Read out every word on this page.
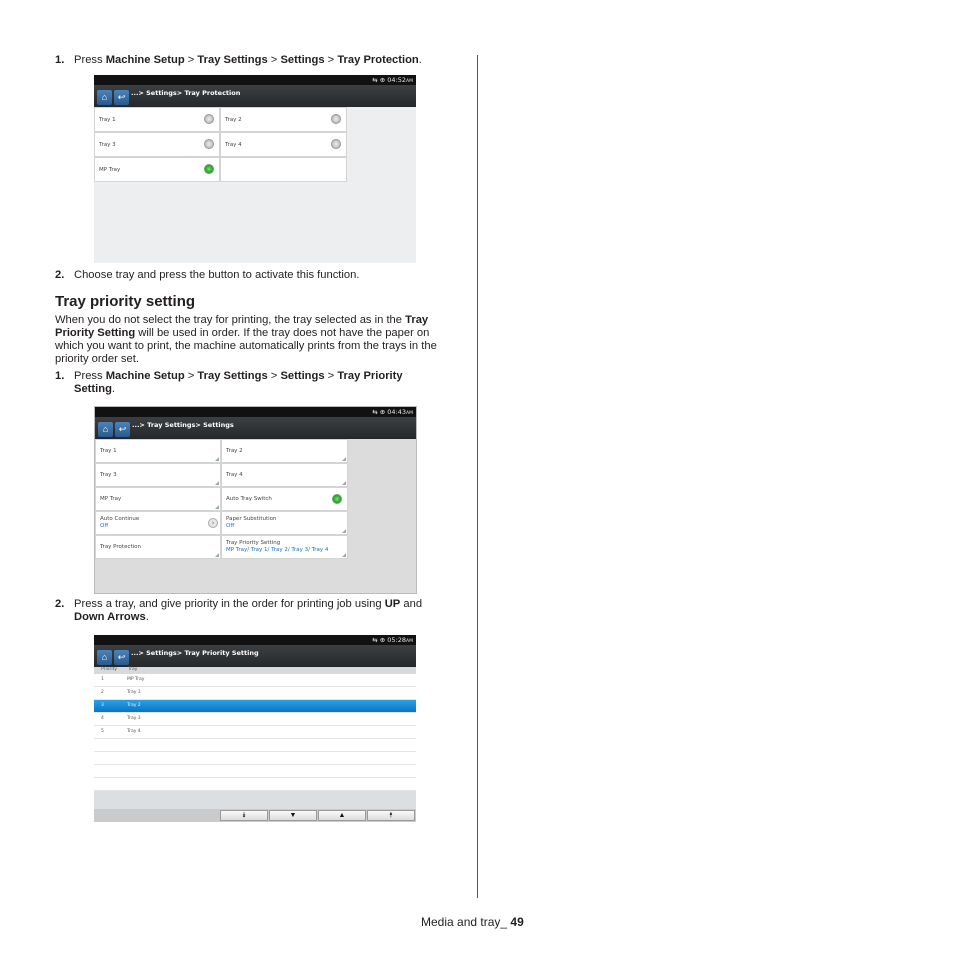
1. Press Machine Setup > Tray Settings > Settings > Tray Protection.
⇆ ⊕ 04:52AM
⌂	↩ ...> Settings> Tray Protection
Tray 1	Tray 2
Tray 3	Tray 4
MP Tray
2. Choose tray and press the button to activate this function.
Tray priority setting
When you do not select the tray for printing, the tray selected as in the Tray Priority Setting will be used in order. If the tray does not have the paper on which you want to print, the machine automatically prints from the trays in the priority order set.
1. Press Machine Setup > Tray Settings > Settings > Tray Priority Setting.
⇆ ⊕ 04:43AM
⌂	↩ ...> Tray Settings> Settings
Tray 1	Tray 2
Tray 3	Tray 4
MP Tray	Auto Tray Switch
Auto Continue
Off	›	Paper Substitution
Off
Tray Protection
Tray Priority Setting
MP Tray/ Tray 1/ Tray 2/ Tray 3/ Tray 4
2. Press a tray, and give priority in the order for printing job using UP and Down Arrows.
⇆ ⊕ 05:28AM
⌂	↩ ...> Settings> Tray Priority Setting
Priority Tray
1	MP Tray
2	Tray 1
3	Tray 2
4	Tray 3
5	Tray 4
⯯	▼	▲	⯭
Media and tray_ 49
